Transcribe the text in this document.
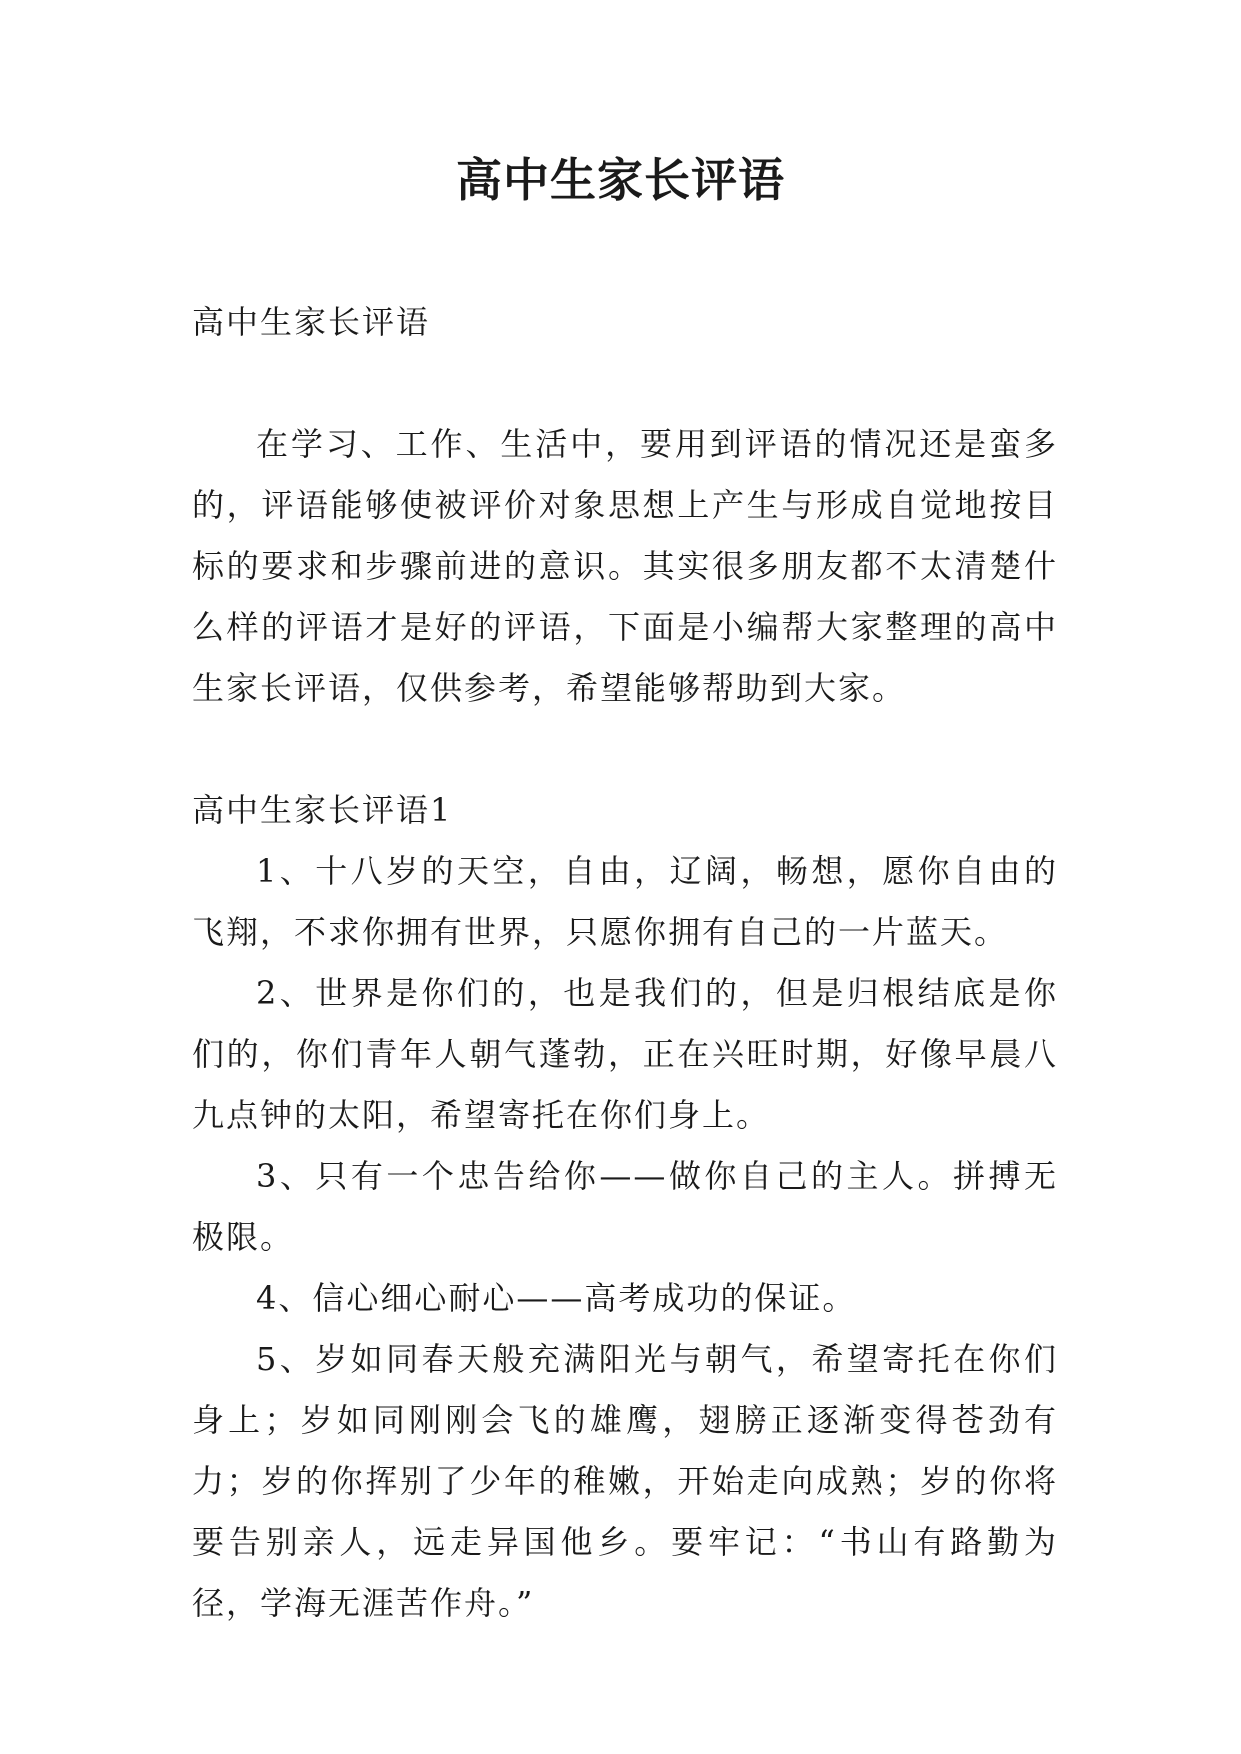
高中生家长评语

高中生家长评语

在学习、工作、生活中，要用到评语的情况还是蛮多的，评语能够使被评价对象思想上产生与形成自觉地按目标的要求和步骤前进的意识。其实很多朋友都不太清楚什么样的评语才是好的评语，下面是小编帮大家整理的高中生家长评语，仅供参考，希望能够帮助到大家。

高中生家长评语1

1、十八岁的天空，自由，辽阔，畅想，愿你自由的飞翔，不求你拥有世界，只愿你拥有自己的一片蓝天。

2、世界是你们的，也是我们的，但是归根结底是你们的，你们青年人朝气蓬勃，正在兴旺时期，好像早晨八九点钟的太阳，希望寄托在你们身上。

3、只有一个忠告给你——做你自己的主人。拼搏无极限。

4、信心细心耐心——高考成功的保证。

5、岁如同春天般充满阳光与朝气，希望寄托在你们身上；岁如同刚刚会飞的雄鹰，翅膀正逐渐变得苍劲有力；岁的你挥别了少年的稚嫩，开始走向成熟；岁的你将要告别亲人，远走异国他乡。要牢记：“书山有路勤为径，学海无涯苦作舟。”
